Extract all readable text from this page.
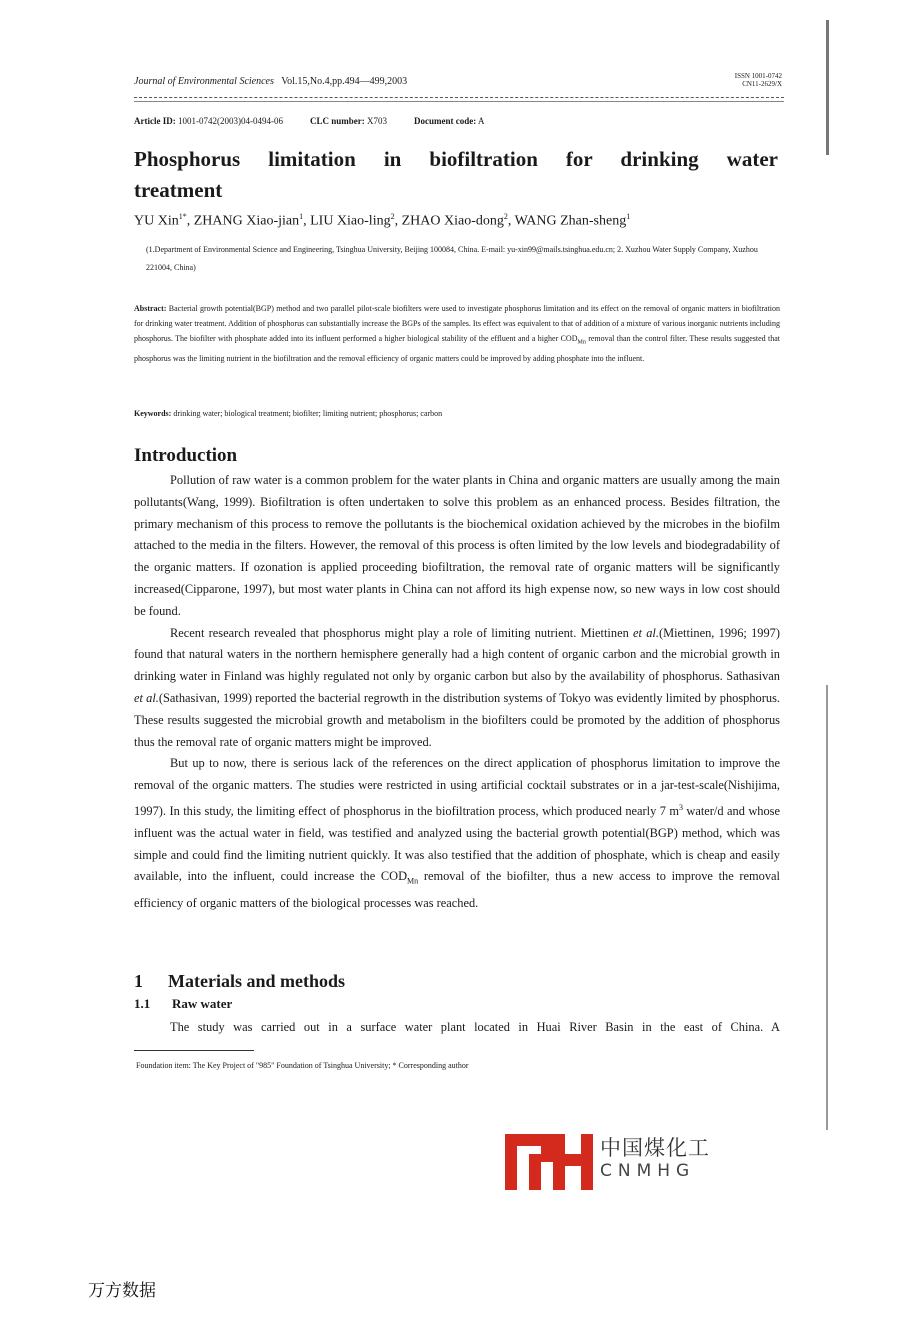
Journal of Environmental Sciences Vol.15,No.4,pp.494—499,2003	ISSN 1001-0742
CN11-2629/X
Article ID: 1001-0742(2003)04-0494-06	CLC number: X703	Document code: A
Phosphorus limitation in biofiltration for drinking water treatment
YU Xin$^{1*}$, ZHANG Xiao-jian$^1$, LIU Xiao-ling$^2$, ZHAO Xiao-dong$^2$, WANG Zhan-sheng$^1$
(1.Department of Environmental Science and Engineering, Tsinghua University, Beijing 100084, China. E-mail: yu-xin99@mails.tsinghua.edu.cn; 2. Xuzhou Water Supply Company, Xuzhou 221004, China)
Abstract: Bacterial growth potential(BGP) method and two parallel pilot-scale biofilters were used to investigate phosphorus limitation and its effect on the removal of organic matters in biofiltration for drinking water treatment. Addition of phosphorus can substantially increase the BGPs of the samples. Its effect was equivalent to that of addition of a mixture of various inorganic nutrients including phosphorus. The biofilter with phosphate added into its influent performed a higher biological stability of the effluent and a higher $COD_{Mn}$ removal than the control filter. These results suggested that phosphorus was the limiting nutrient in the biofiltration and the removal efficiency of organic matters could be improved by adding phosphate into the influent.
Keywords: drinking water; biological treatment; biofilter; limiting nutrient; phosphorus; carbon
Introduction

Pollution of raw water is a common problem for the water plants in China and organic matters are usually among the main pollutants(Wang, 1999). Biofiltration is often undertaken to solve this problem as an enhanced process. Besides filtration, the primary mechanism of this process to remove the pollutants is the biochemical oxidation achieved by the microbes in the biofilm attached to the media in the filters. However, the removal of this process is often limited by the low levels and biodegradability of the organic matters. If ozonation is applied proceeding biofiltration, the removal rate of organic matters will be significantly increased(Cipparone, 1997), but most water plants in China can not afford its high expense now, so new ways in low cost should be found.

Recent research revealed that phosphorus might play a role of limiting nutrient. Miettinen et al.(Miettinen, 1996; 1997) found that natural waters in the northern hemisphere generally had a high content of organic carbon and the microbial growth in drinking water in Finland was highly regulated not only by organic carbon but also by the availability of phosphorus. Sathasivan et al.(Sathasivan, 1999) reported the bacterial regrowth in the distribution systems of Tokyo was evidently limited by phosphorus. These results suggested the microbial growth and metabolism in the biofilters could be promoted by the addition of phosphorus thus the removal rate of organic matters might be improved.

But up to now, there is serious lack of the references on the direct application of phosphorus limitation to improve the removal of the organic matters. The studies were restricted in using artificial cocktail substrates or in a jar-test-scale(Nishijima, 1997). In this study, the limiting effect of phosphorus in the biofiltration process, which produced nearly 7 $m^3$ water/d and whose influent was the actual water in field, was testified and analyzed using the bacterial growth potential(BGP) method, which was simple and could find the limiting nutrient quickly. It was also testified that the addition of phosphate, which is cheap and easily available, into the influent, could increase the $COD_{Mn}$ removal of the biofilter, thus a new access to improve the removal efficiency of organic matters of the biological processes was reached.

1 Materials and methods
1.1 Raw water
The study was carried out in a surface water plant located in Huai River Basin in the east of China. A
Foundation item: The Key Project of "985" Foundation of Tsinghua University; * Corresponding author
中国煤化工
CNMHG
万方数据
